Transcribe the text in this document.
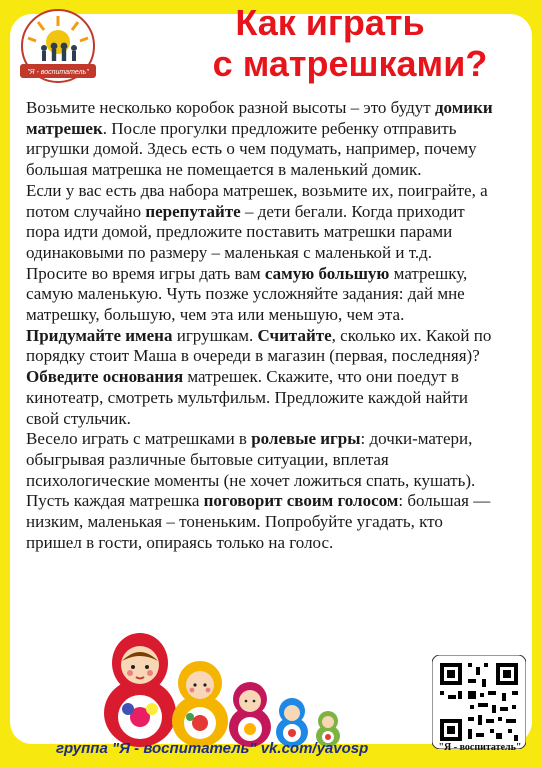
"Я - воспитатель"
Как играть
с матрешками?

Возьмите несколько коробок разной высоты – это будут домики матрешек. После прогулки предложите ребенку отправить игрушки домой. Здесь есть о чем подумать, например, почему большая матрешка не помещается в маленький домик.

Если у вас есть два набора матрешек, возьмите их, поиграйте, а потом случайно перепутайте – дети бегали. Когда приходит пора идти домой, предложите поставить матрешки парами одинаковыми по размеру – маленькая с маленькой и т.д.

Просите во время игры дать вам самую большую матрешку, самую маленькую. Чуть позже усложняйте задания: дай мне матрешку, большую, чем эта или меньшую, чем эта.

Придумайте имена игрушкам. Считайте, сколько их. Какой по порядку стоит Маша в очереди в магазин (первая, последняя)?

Обведите основания матрешек. Скажите, что они поедут в кинотеатр, смотреть мультфильм. Предложите каждой найти свой стульчик.

Весело играть с матрешками в ролевые игры: дочки-матери, обыгрывая различные бытовые ситуации, вплетая психологические моменты (не хочет ложиться спать, кушать).

Пусть каждая матрешка поговорит своим голосом: большая — низким, маленькая – тоненьким. Попробуйте угадать, кто пришел в гости, опираясь только на голос.

"Я - воспитатель"
группа "Я - воспитатель" vk.com/yavosp
